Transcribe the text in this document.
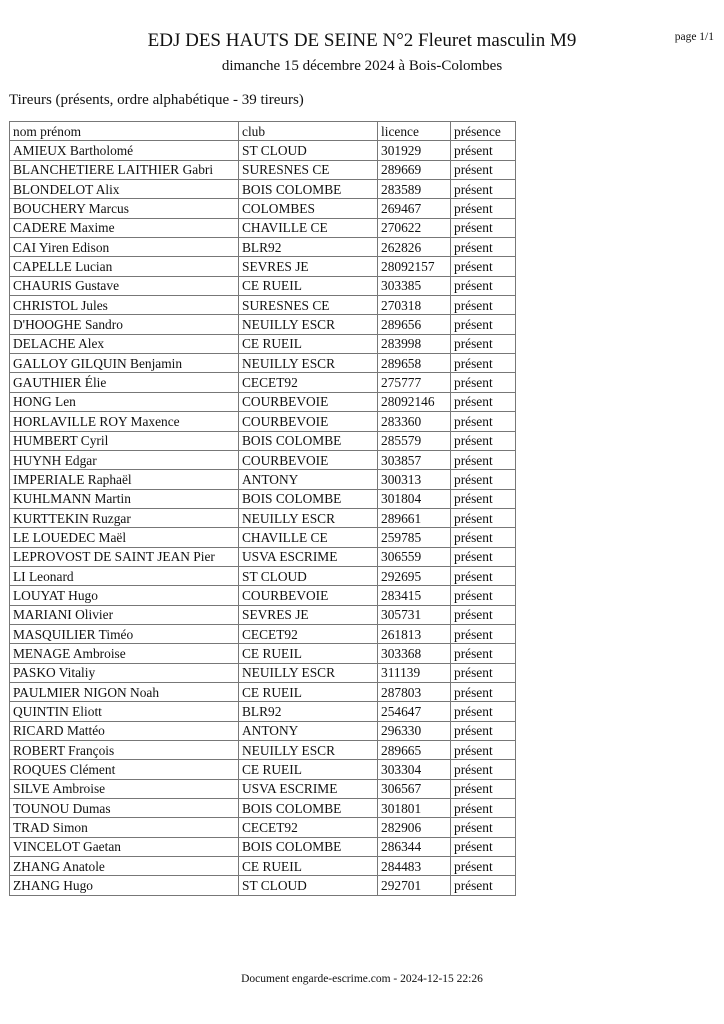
page 1/1
EDJ DES HAUTS DE SEINE N°2 Fleuret masculin M9
dimanche 15 décembre 2024 à Bois-Colombes
Tireurs (présents, ordre alphabétique - 39 tireurs)
nom prénom	club	licence	présence
AMIEUX Bartholomé	ST CLOUD	301929	présent
BLANCHETIERE LAITHIER Gabri	SURESNES CE	289669	présent
BLONDELOT Alix	BOIS COLOMBE	283589	présent
BOUCHERY Marcus	COLOMBES	269467	présent
CADERE Maxime	CHAVILLE CE	270622	présent
CAI Yiren Edison	BLR92	262826	présent
CAPELLE Lucian	SEVRES JE	28092157	présent
CHAURIS Gustave	CE RUEIL	303385	présent
CHRISTOL Jules	SURESNES CE	270318	présent
D'HOOGHE Sandro	NEUILLY ESCR	289656	présent
DELACHE Alex	CE RUEIL	283998	présent
GALLOY GILQUIN Benjamin	NEUILLY ESCR	289658	présent
GAUTHIER Élie	CECET92	275777	présent
HONG Len	COURBEVOIE	28092146	présent
HORLAVILLE ROY Maxence	COURBEVOIE	283360	présent
HUMBERT Cyril	BOIS COLOMBE	285579	présent
HUYNH Edgar	COURBEVOIE	303857	présent
IMPERIALE Raphaël	ANTONY	300313	présent
KUHLMANN Martin	BOIS COLOMBE	301804	présent
KURTTEKIN Ruzgar	NEUILLY ESCR	289661	présent
LE LOUEDEC Maël	CHAVILLE CE	259785	présent
LEPROVOST DE SAINT JEAN Pier	USVA ESCRIME	306559	présent
LI Leonard	ST CLOUD	292695	présent
LOUYAT Hugo	COURBEVOIE	283415	présent
MARIANI Olivier	SEVRES JE	305731	présent
MASQUILIER Timéo	CECET92	261813	présent
MENAGE Ambroise	CE RUEIL	303368	présent
PASKO Vitaliy	NEUILLY ESCR	311139	présent
PAULMIER NIGON Noah	CE RUEIL	287803	présent
QUINTIN Eliott	BLR92	254647	présent
RICARD Mattéo	ANTONY	296330	présent
ROBERT François	NEUILLY ESCR	289665	présent
ROQUES Clément	CE RUEIL	303304	présent
SILVE Ambroise	USVA ESCRIME	306567	présent
TOUNOU Dumas	BOIS COLOMBE	301801	présent
TRAD Simon	CECET92	282906	présent
VINCELOT Gaetan	BOIS COLOMBE	286344	présent
ZHANG Anatole	CE RUEIL	284483	présent
ZHANG Hugo	ST CLOUD	292701	présent
Document engarde-escrime.com - 2024-12-15 22:26
